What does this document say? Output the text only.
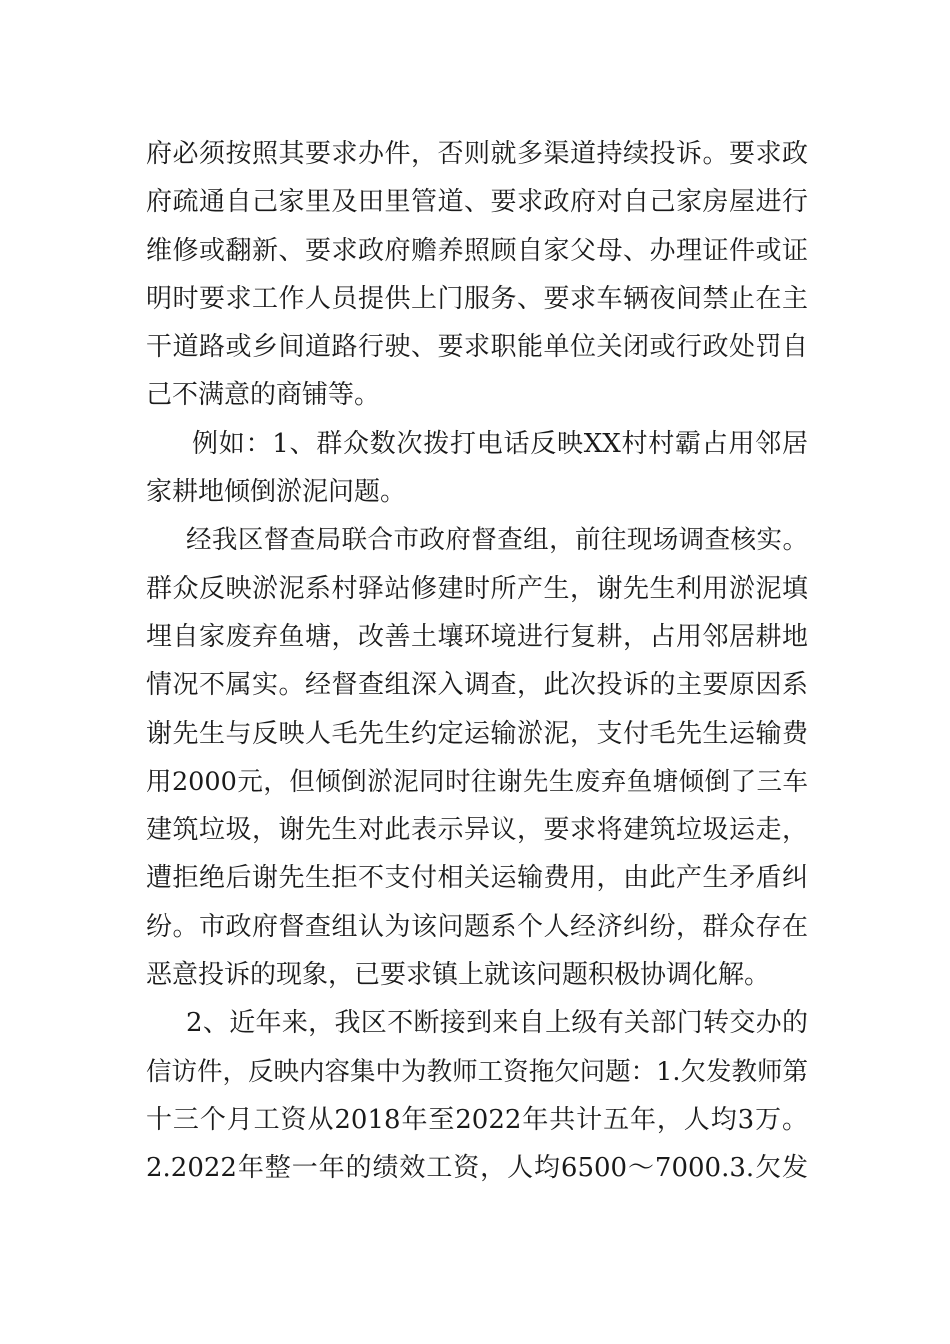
府必须按照其要求办件，否则就多渠道持续投诉。要求政
府疏通自己家里及田里管道、要求政府对自己家房屋进行
维修或翻新、要求政府赡养照顾自家父母、办理证件或证
明时要求工作人员提供上门服务、要求车辆夜间禁止在主
干道路或乡间道路行驶、要求职能单位关闭或行政处罚自
己不满意的商铺等。
例如：1、群众数次拨打电话反映XX村村霸占用邻居
家耕地倾倒淤泥问题。
经我区督查局联合市政府督查组，前往现场调查核实。
群众反映淤泥系村驿站修建时所产生，谢先生利用淤泥填
埋自家废弃鱼塘，改善土壤环境进行复耕，占用邻居耕地
情况不属实。经督查组深入调查，此次投诉的主要原因系
谢先生与反映人毛先生约定运输淤泥，支付毛先生运输费
用2000元，但倾倒淤泥同时往谢先生废弃鱼塘倾倒了三车
建筑垃圾，谢先生对此表示异议，要求将建筑垃圾运走，
遭拒绝后谢先生拒不支付相关运输费用，由此产生矛盾纠
纷。市政府督查组认为该问题系个人经济纠纷，群众存在
恶意投诉的现象，已要求镇上就该问题积极协调化解。
2、近年来，我区不断接到来自上级有关部门转交办的
信访件，反映内容集中为教师工资拖欠问题：1.欠发教师第
十三个月工资从2018年至2022年共计五年，人均3万。
2.2022年整一年的绩效工资，人均6500～7000.3.欠发
